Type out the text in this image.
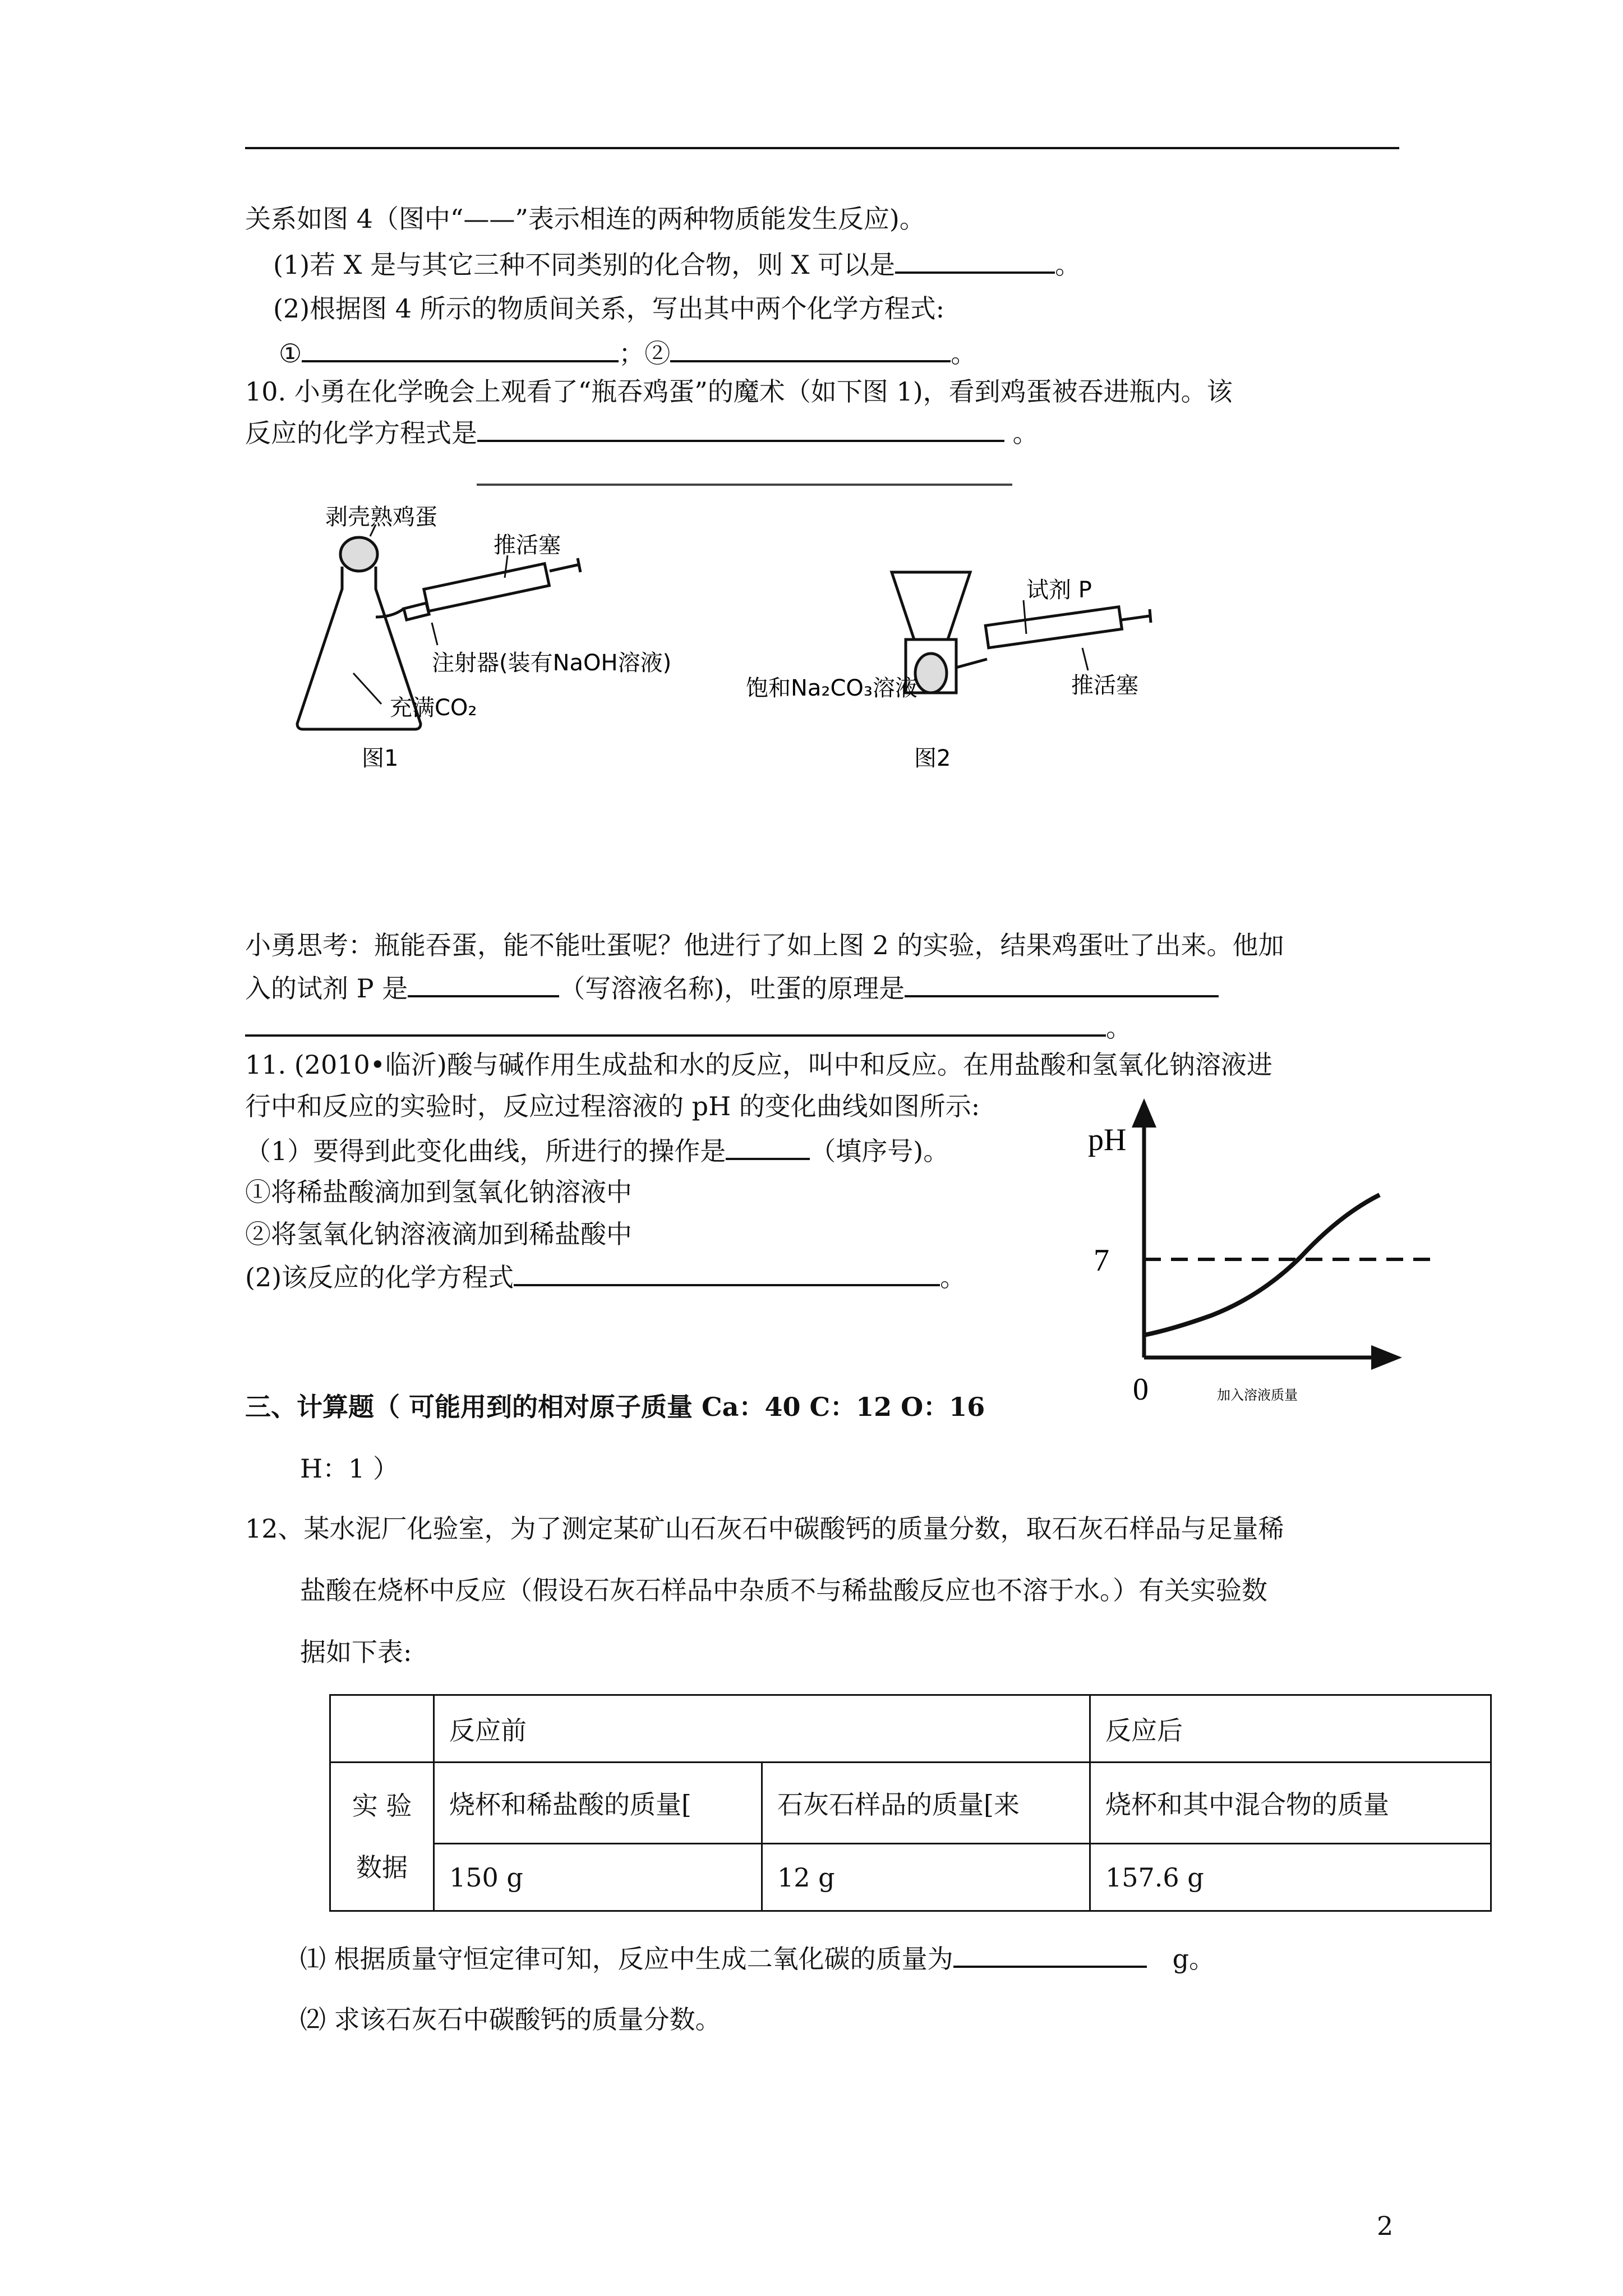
关系如图 4（图中“——”表示相连的两种物质能发生反应)。
(1)若 X 是与其它三种不同类别的化合物，则 X 可以是	。
(2)根据图 4 所示的物质间关系，写出其中两个化学方程式:
①	；②	。
10. 小勇在化学晚会上观看了“瓶吞鸡蛋”的魔术（如下图 1)，看到鸡蛋被吞进瓶内。该
反应的化学方程式是	。
剥壳熟鸡蛋
推活塞
注射器(装有NaOH溶液)
充满CO₂
图1
试剂 P
饱和Na₂CO₃溶液	推活塞
图2
小勇思考：瓶能吞蛋，能不能吐蛋呢？他进行了如上图 2 的实验，结果鸡蛋吐了出来。他加
入的试剂 P 是	（写溶液名称)，吐蛋的原理是
。
11. (2010•临沂)酸与碱作用生成盐和水的反应，叫中和反应。在用盐酸和氢氧化钠溶液进
行中和反应的实验时，反应过程溶液的 pH 的变化曲线如图所示:
（1）要得到此变化曲线，所进行的操作是	（填序号)。
①将稀盐酸滴加到氢氧化钠溶液中
②将氢氧化钠溶液滴加到稀盐酸中
(2)该反应的化学方程式	。
pH
7
0	加入溶液质量
三、计算题（ 可能用到的相对原子质量 Ca：40 C：12 O：16
H：1 ）
12、某水泥厂化验室，为了测定某矿山石灰石中碳酸钙的质量分数，取石灰石样品与足量稀
盐酸在烧杯中反应（假设石灰石样品中杂质不与稀盐酸反应也不溶于水。）有关实验数
据如下表:
	反应前		反应后

实 验
数据	烧杯和稀盐酸的质量[	石灰石样品的质量[来	烧杯和其中混合物的质量
	150 g	12 g	157.6 g
⑴ 根据质量守恒定律可知，反应中生成二氧化碳的质量为　	g。
⑵ 求该石灰石中碳酸钙的质量分数。
2
